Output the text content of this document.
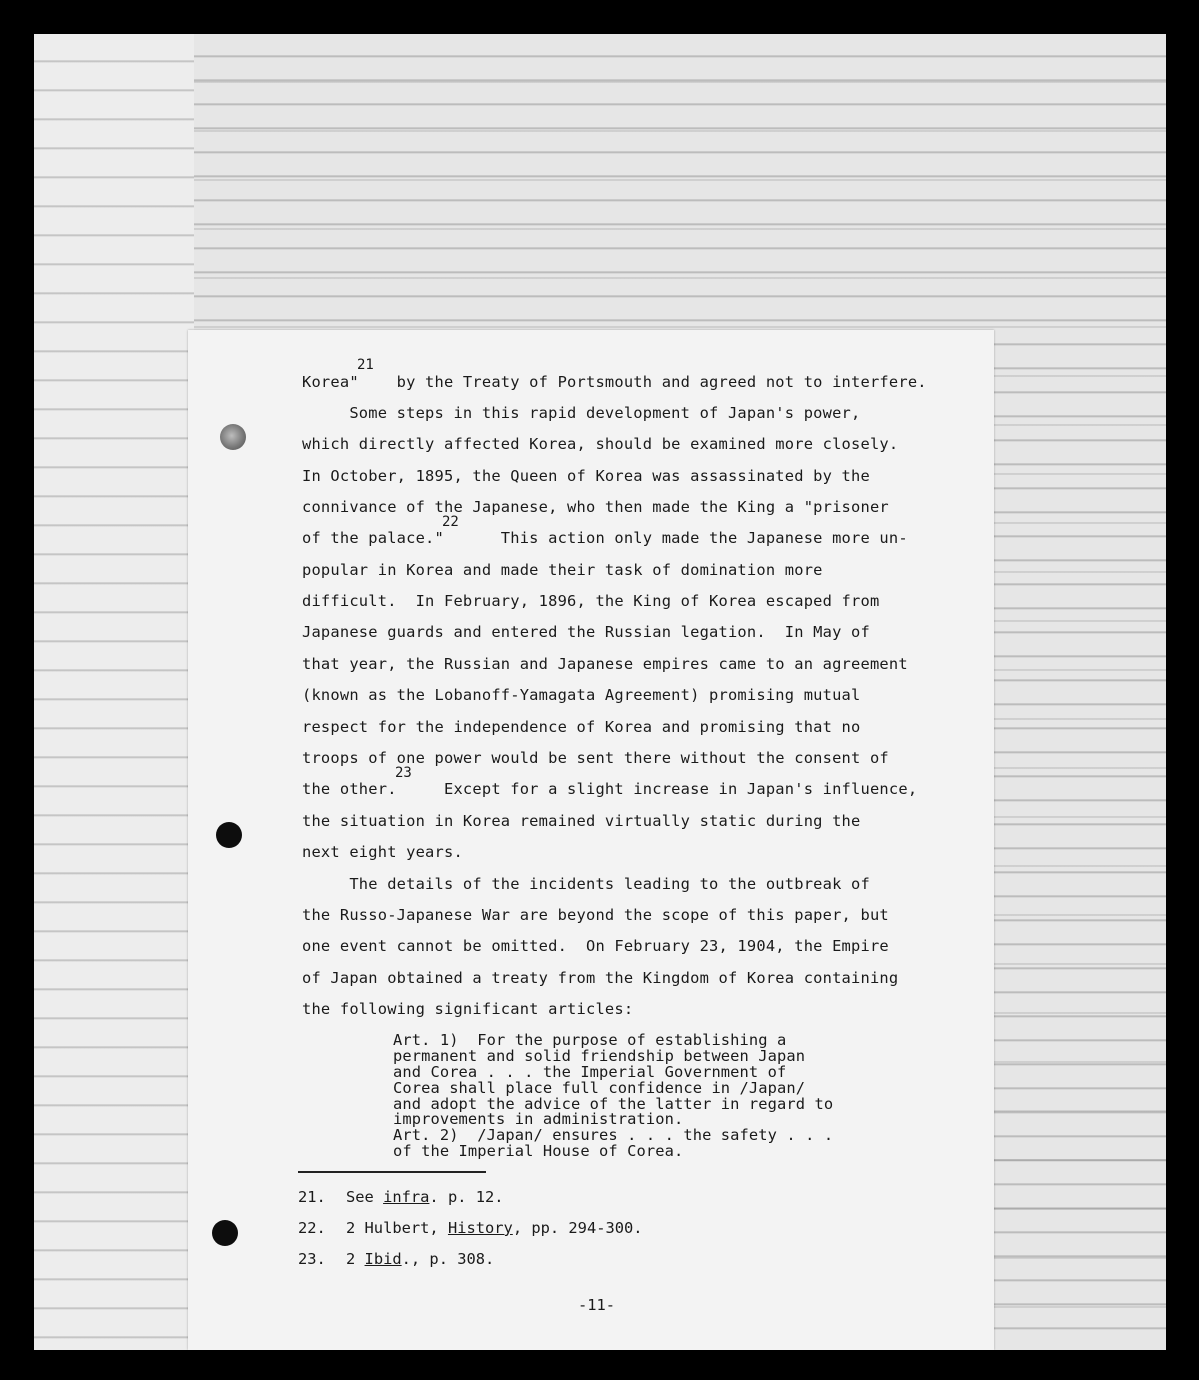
Korea"    by the Treaty of Portsmouth and agreed not to interfere.

21

Some steps in this rapid development of Japan's power,

which directly affected Korea, should be examined more closely.

In October, 1895, the Queen of Korea was assassinated by the

connivance of the Japanese, who then made the King a "prisoner

of the palace."      This action only made the Japanese more un-

22

popular in Korea and made their task of domination more

difficult.  In February, 1896, the King of Korea escaped from

Japanese guards and entered the Russian legation.  In May of

that year, the Russian and Japanese empires came to an agreement

(known as the Lobanoff-Yamagata Agreement) promising mutual

respect for the independence of Korea and promising that no

troops of one power would be sent there without the consent of

the other.     Except for a slight increase in Japan's influence,

23

the situation in Korea remained virtually static during the

next eight years.

The details of the incidents leading to the outbreak of

the Russo-Japanese War are beyond the scope of this paper, but

one event cannot be omitted.  On February 23, 1904, the Empire

of Japan obtained a treaty from the Kingdom of Korea containing

the following significant articles:

Art. 1)  For the purpose of establishing a

permanent and solid friendship between Japan

and Corea . . . the Imperial Government of

Corea shall place full confidence in /Japan/

and adopt the advice of the latter in regard to

improvements in administration.

Art. 2)  /Japan/ ensures . . . the safety . . .

of the Imperial House of Corea.

21. See infra. p. 12.

22. 2 Hulbert, History, pp. 294-300.

23. 2 Ibid., p. 308.

-11-
